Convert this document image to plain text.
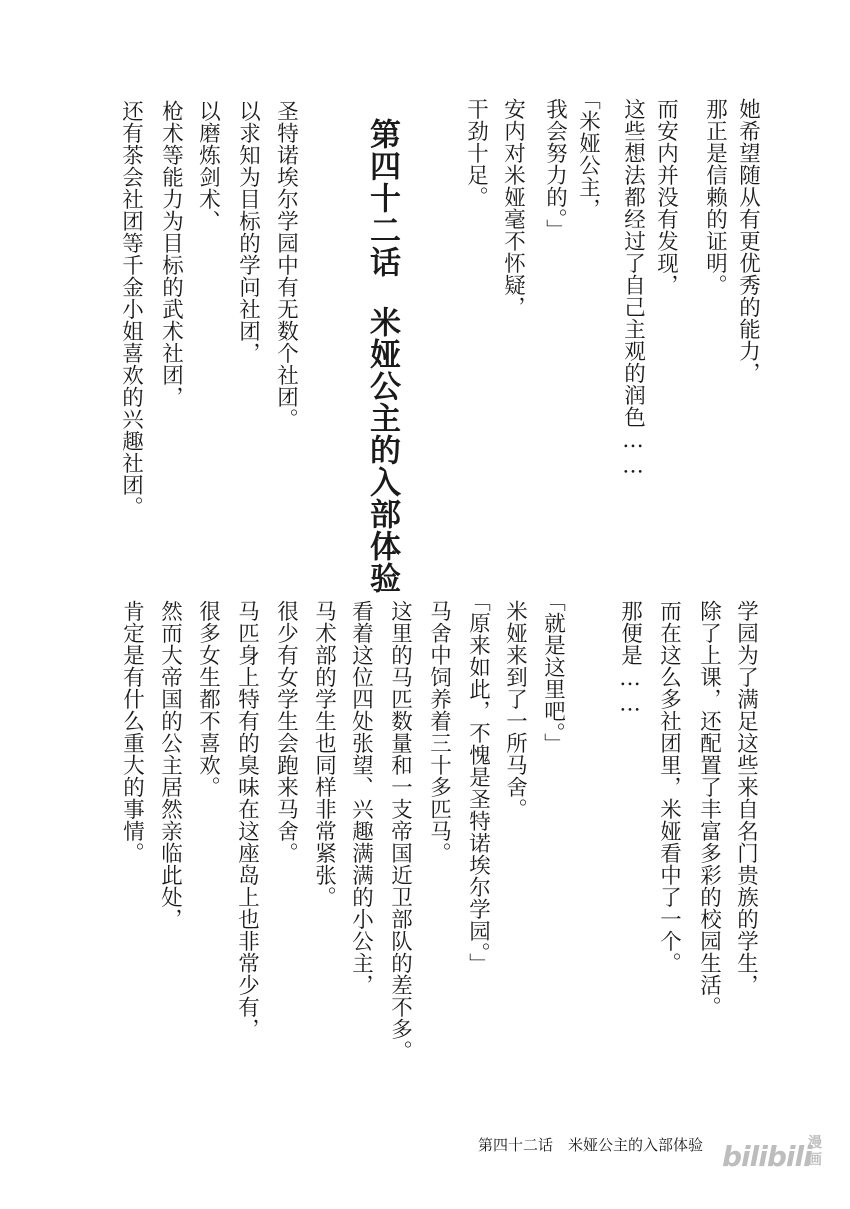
她希望随从有更优秀的能力，
那正是信赖的证明。
而安内并没有发现，
这些想法都经过了自己主观的润色……
「米娅公主，
我会努力的。」
安内对米娅毫不怀疑，
干劲十足。
第四十二话米娅公主的入部体验
圣特诺埃尔学园中有无数个社团。
以求知为目标的学问社团，
以磨炼剑术、
枪术等能力为目标的武术社团，
还有茶会社团等千金小姐喜欢的兴趣社团。
学园为了满足这些来自名门贵族的学生，
除了上课，还配置了丰富多彩的校园生活。
而在这么多社团里，米娅看中了一个。
那便是……
「就是这里吧。」
米娅来到了一所马舍。
「原来如此，不愧是圣特诺埃尔学园。」
马舍中饲养着三十多匹马。
这里的马匹数量和一支帝国近卫部队的差不多。
看着这位四处张望、兴趣满满的小公主，
马术部的学生也同样非常紧张。
很少有女学生会跑来马舍。
马匹身上特有的臭味在这座岛上也非常少有，
很多女生都不喜欢。
然而大帝国的公主居然亲临此处，
肯定是有什么重大的事情。
第四十二话　米娅公主的入部体验 bilibili
漫画
